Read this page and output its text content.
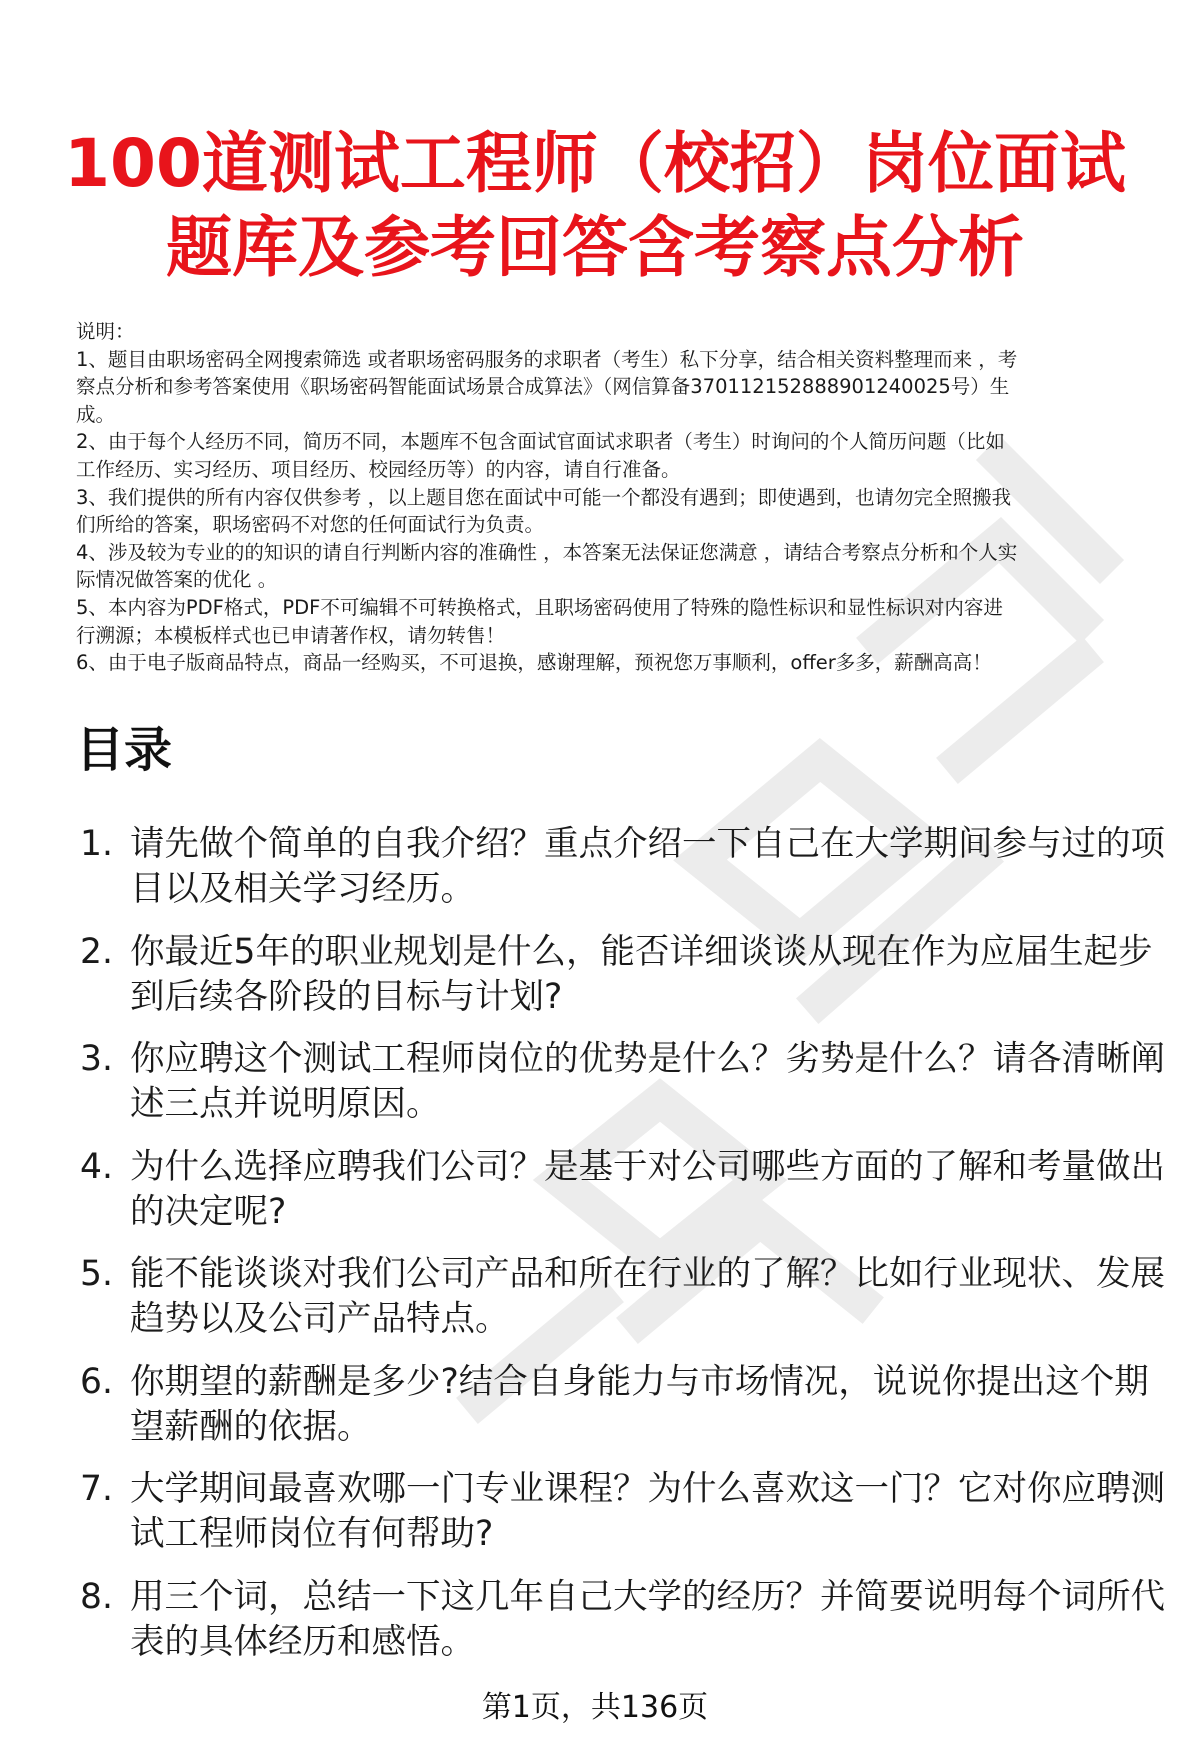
100道测试工程师（校招）岗位面试
题库及参考回答含考察点分析
说明：
1、题目由职场密码全网搜索筛选 或者职场密码服务的求职者（考生）私下分享，结合相关资料整理而来 ，考
察点分析和参考答案使用《职场密码智能面试场景合成算法》（网信算备370112152888901240025号）生
成。
2、由于每个人经历不同，简历不同，本题库不包含面试官面试求职者（考生）时询问的个人简历问题（比如
工作经历、实习经历、项目经历、校园经历等）的内容，请自行准备。
3、我们提供的所有内容仅供参考 ，以上题目您在面试中可能一个都没有遇到；即使遇到，也请勿完全照搬我
们所给的答案，职场密码不对您的任何面试行为负责。
4、涉及较为专业的的知识的请自行判断内容的准确性 ，本答案无法保证您满意 ，请结合考察点分析和个人实
际情况做答案的优化 。
5、本内容为PDF格式，PDF不可编辑不可转换格式，且职场密码使用了特殊的隐性标识和显性标识对内容进
行溯源；本模板样式也已申请著作权，请勿转售！
6、由于电子版商品特点，商品一经购买，不可退换，感谢理解，预祝您万事顺利，offer多多，薪酬高高！
目录
1. 请先做个简单的自我介绍？重点介绍一下自己在大学期间参与过的项目以及相关学习经历。
2. 你最近5年的职业规划是什么，能否详细谈谈从现在作为应届生起步到后续各阶段的目标与计划?
3. 你应聘这个测试工程师岗位的优势是什么？劣势是什么？请各清晰阐述三点并说明原因。
4. 为什么选择应聘我们公司？是基于对公司哪些方面的了解和考量做出的决定呢?
5. 能不能谈谈对我们公司产品和所在行业的了解？比如行业现状、发展趋势以及公司产品特点。
6. 你期望的薪酬是多少?结合自身能力与市场情况，说说你提出这个期望薪酬的依据。
7. 大学期间最喜欢哪一门专业课程？为什么喜欢这一门？它对你应聘测试工程师岗位有何帮助?
8. 用三个词，总结一下这几年自己大学的经历？并简要说明每个词所代表的具体经历和感悟。
第1页，共136页
